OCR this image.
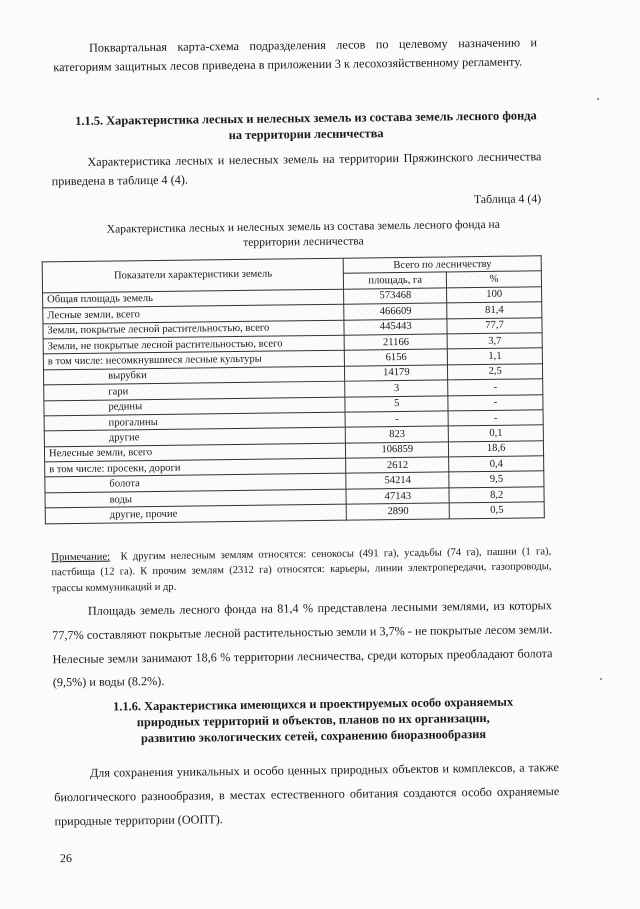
Поквартальная карта-схема подразделения лесов по целевому назначению и категориям защитных лесов приведена в приложении 3 к лесохозяйственному регламенту.
1.1.5. Характеристика лесных и нелесных земель из состава земель лесного фонда
на территории лесничества
Характеристика лесных и нелесных земель на территории Пряжинского лесничества приведена в таблице 4 (4).
Таблица 4 (4)
Характеристика лесных и нелесных земель из состава земель лесного фонда на
территории лесничества
Показатели характеристики земель	Всего по лесничеству	
	площадь, га	%
Общая площадь земель	573468	100
Лесные земли, всего	466609	81,4
Земли, покрытые лесной растительностью, всего	445443	77,7
Земли, не покрытые лесной растительностью, всего	21166	3,7
в том числе: несомкнувшиеся лесные культуры	6156	1,1
вырубки	14179	2,5
гари	3	-
редины	5	-
прогалины	-	-
другие	823	0,1
Нелесные земли, всего	106859	18,6
в том числе: просеки, дороги	2612	0,4
болота	54214	9,5
воды	47143	8,2
другие, прочие	2890	0,5
Примечание: К другим нелесным землям относятся: сенокосы (491 га), усадьбы (74 га), пашни (1 га), пастбища (12 га). К прочим землям (2312 га) относятся: карьеры, линии электропередачи, газопроводы, трассы коммуникаций и др.
Площадь земель лесного фонда на 81,4 % представлена лесными землями, из которых 77,7% составляют покрытые лесной растительностью земли и 3,7% - не покрытые лесом земли. Нелесные земли занимают 18,6 % территории лесничества, среди которых преобладают болота (9,5%) и воды (8.2%).
1.1.6. Характеристика имеющихся и проектируемых особо охраняемых
природных территорий и объектов, планов по их организации,
развитию экологических сетей, сохранению биоразнообразия
Для сохранения уникальных и особо ценных природных объектов и комплексов, а также биологического разнообразия, в местах естественного обитания создаются особо охраняемые природные территории (ООПТ).
26
